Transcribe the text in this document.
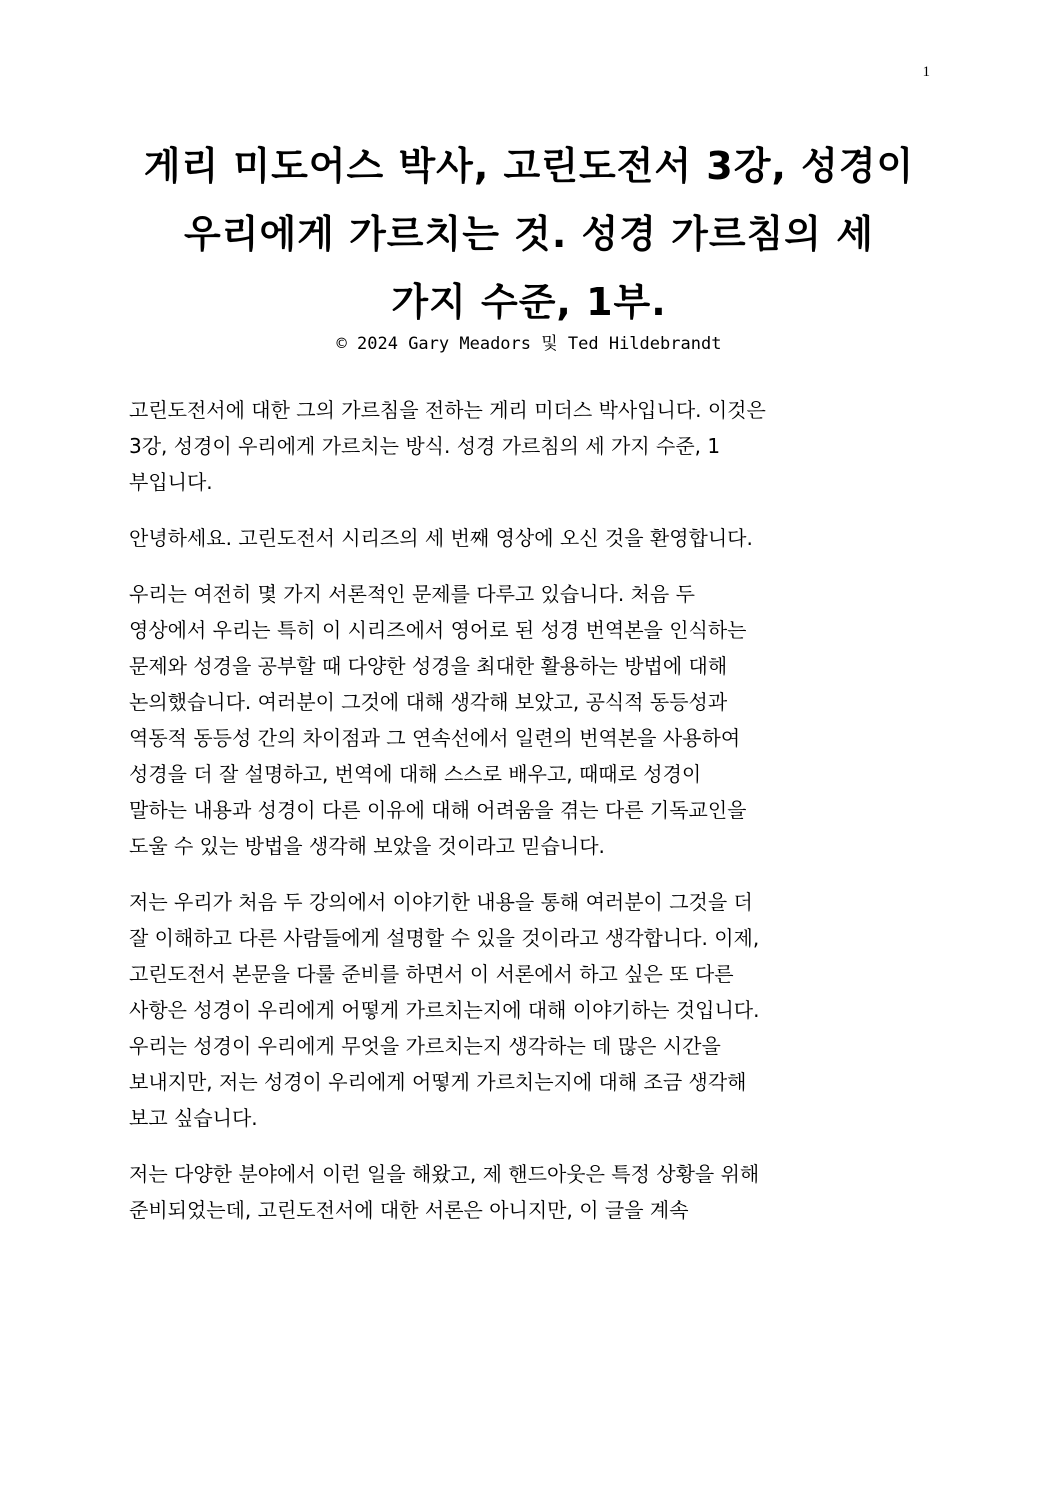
1
게리 미도어스 박사, 고린도전서 3강, 성경이
우리에게 가르치는 것. 성경 가르침의 세
가지 수준, 1부.
© 2024 Gary Meadors 및 Ted Hildebrandt

고린도전서에 대한 그의 가르침을 전하는 게리 미더스 박사입니다. 이것은
3강, 성경이 우리에게 가르치는 방식. 성경 가르침의 세 가지 수준, 1
부입니다.

안녕하세요. 고린도전서 시리즈의 세 번째 영상에 오신 것을 환영합니다.

우리는 여전히 몇 가지 서론적인 문제를 다루고 있습니다. 처음 두
영상에서 우리는 특히 이 시리즈에서 영어로 된 성경 번역본을 인식하는
문제와 성경을 공부할 때 다양한 성경을 최대한 활용하는 방법에 대해
논의했습니다. 여러분이 그것에 대해 생각해 보았고, 공식적 동등성과
역동적 동등성 간의 차이점과 그 연속선에서 일련의 번역본을 사용하여
성경을 더 잘 설명하고, 번역에 대해 스스로 배우고, 때때로 성경이
말하는 내용과 성경이 다른 이유에 대해 어려움을 겪는 다른 기독교인을
도울 수 있는 방법을 생각해 보았을 것이라고 믿습니다.

저는 우리가 처음 두 강의에서 이야기한 내용을 통해 여러분이 그것을 더
잘 이해하고 다른 사람들에게 설명할 수 있을 것이라고 생각합니다. 이제,
고린도전서 본문을 다룰 준비를 하면서 이 서론에서 하고 싶은 또 다른
사항은 성경이 우리에게 어떻게 가르치는지에 대해 이야기하는 것입니다.
우리는 성경이 우리에게 무엇을 가르치는지 생각하는 데 많은 시간을
보내지만, 저는 성경이 우리에게 어떻게 가르치는지에 대해 조금 생각해
보고 싶습니다.

저는 다양한 분야에서 이런 일을 해왔고, 제 핸드아웃은 특정 상황을 위해
준비되었는데, 고린도전서에 대한 서론은 아니지만, 이 글을 계속
